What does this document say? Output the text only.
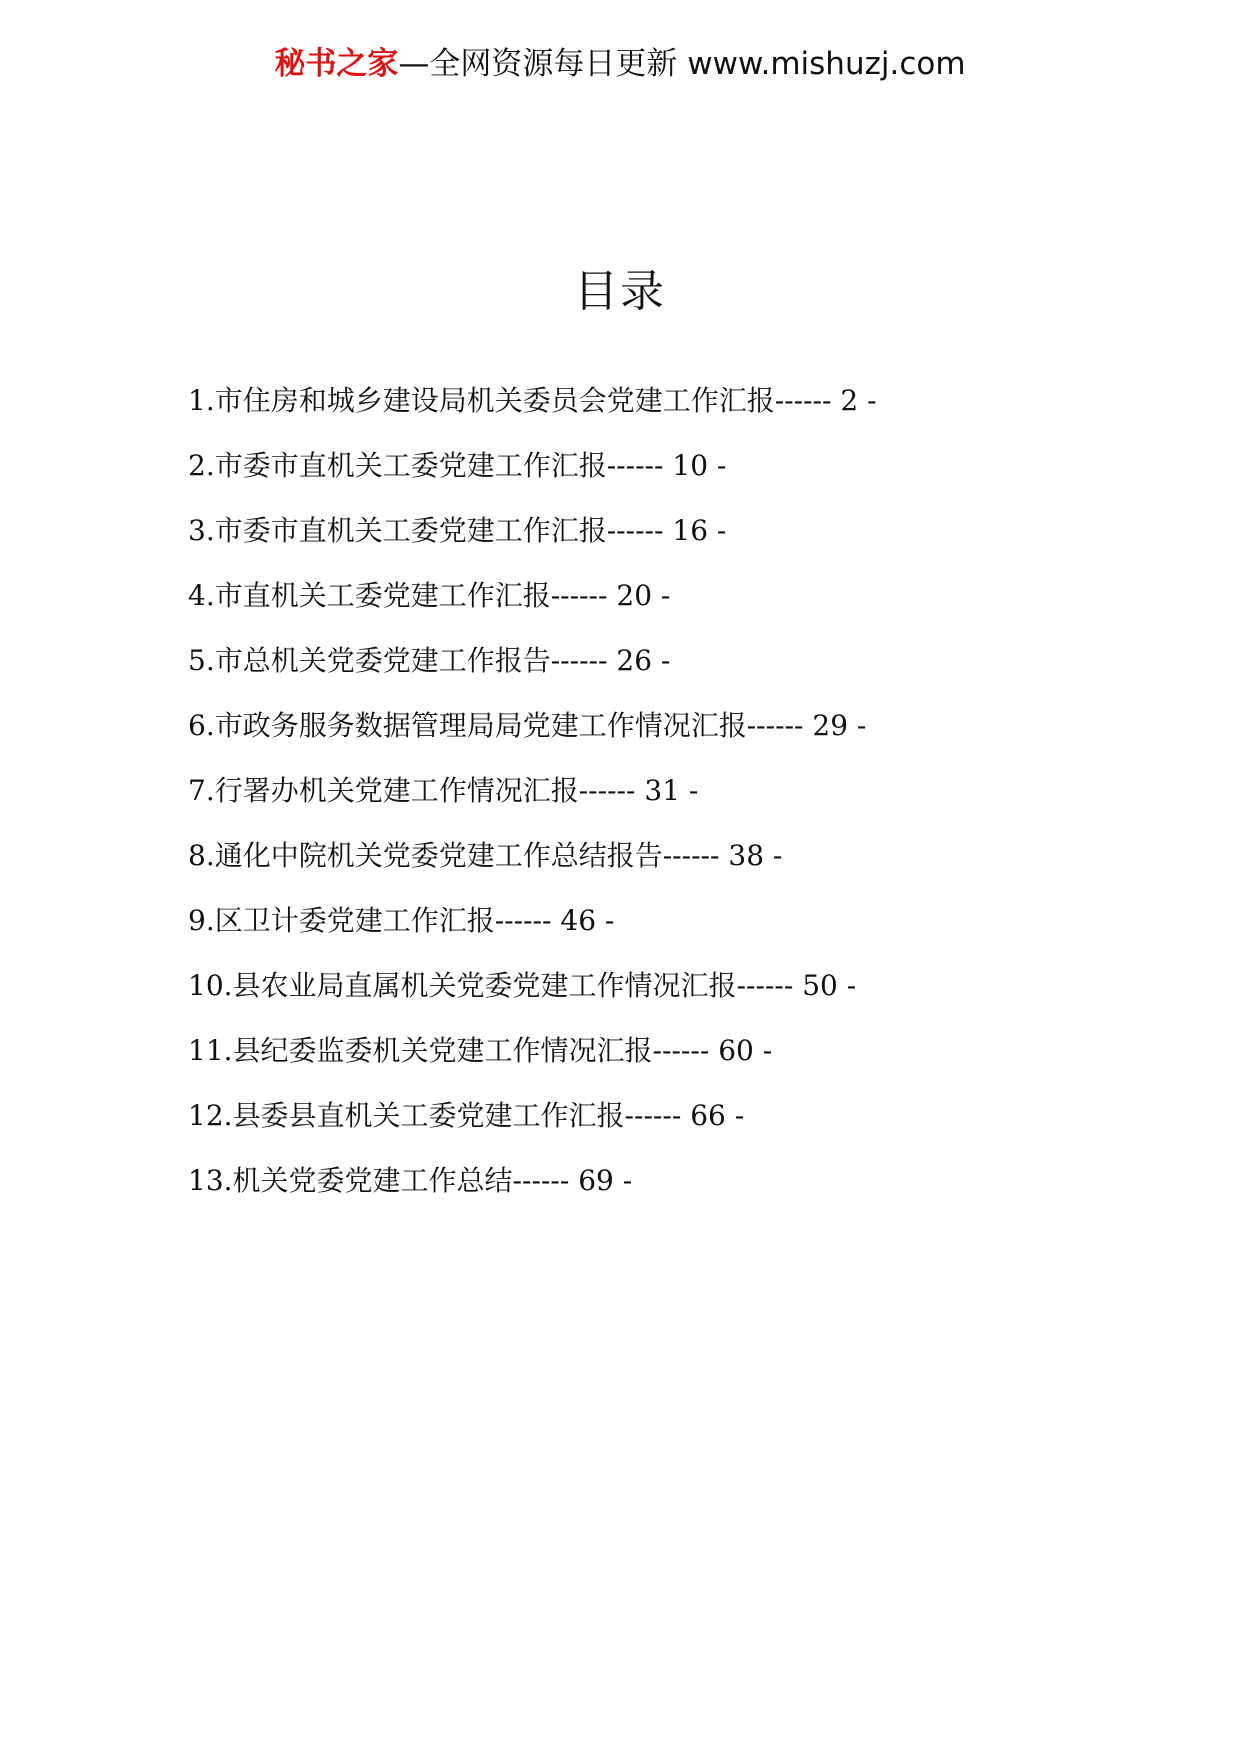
秘书之家—全网资源每日更新 www.mishuzj.com
目录
1.市住房和城乡建设局机关委员会党建工作汇报------ 2 -
2.市委市直机关工委党建工作汇报------ 10 -
3.市委市直机关工委党建工作汇报------ 16 -
4.市直机关工委党建工作汇报------ 20 -
5.市总机关党委党建工作报告------ 26 -
6.市政务服务数据管理局局党建工作情况汇报------ 29 -
7.行署办机关党建工作情况汇报------ 31 -
8.通化中院机关党委党建工作总结报告------ 38 -
9.区卫计委党建工作汇报------ 46 -
10.县农业局直属机关党委党建工作情况汇报------ 50 -
11.县纪委监委机关党建工作情况汇报------ 60 -
12.县委县直机关工委党建工作汇报------ 66 -
13.机关党委党建工作总结------ 69 -
